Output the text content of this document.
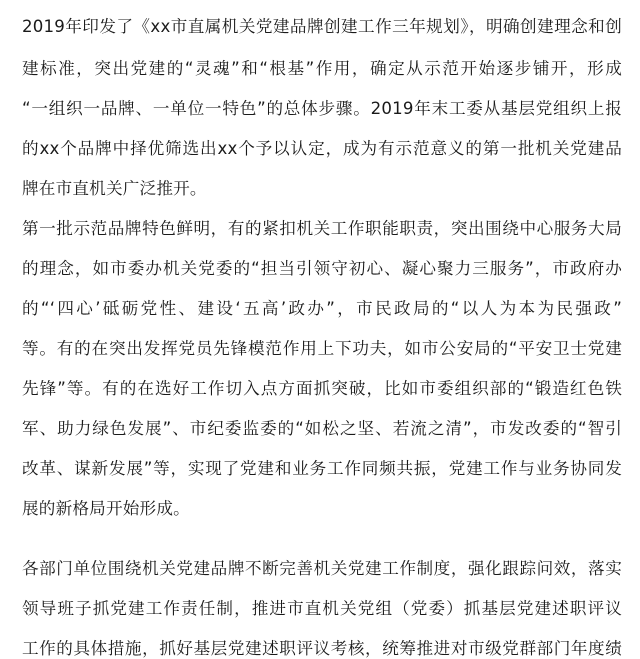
2019年印发了《xx市直属机关党建品牌创建工作三年规划》，明确创建理念和创
建标准，突出党建的“灵魂”和“根基”作用，确定从示范开始逐步铺开，形成
“一组织一品牌、一单位一特色”的总体步骤。2019年末工委从基层党组织上报
的xx个品牌中择优筛选出xx个予以认定，成为有示范意义的第一批机关党建品
牌在市直机关广泛推开。
第一批示范品牌特色鲜明，有的紧扣机关工作职能职责，突出围绕中心服务大局
的理念，如市委办机关党委的“担当引领守初心、凝心聚力三服务”，市政府办
的“‘四心’砥砺党性、建设‘五高’政办”，市民政局的“以人为本为民强政”
等。有的在突出发挥党员先锋模范作用上下功夫，如市公安局的“平安卫士党建
先锋”等。有的在选好工作切入点方面抓突破，比如市委组织部的“锻造红色铁
军、助力绿色发展”、市纪委监委的“如松之坚、若流之清”，市发改委的“智引
改革、谋新发展”等，实现了党建和业务工作同频共振，党建工作与业务协同发
展的新格局开始形成。
各部门单位围绕机关党建品牌不断完善机关党建工作制度，强化跟踪问效，落实
领导班子抓党建工作责任制，推进市直机关党组（党委）抓基层党建述职评议
工作的具体措施，抓好基层党建述职评议考核，统筹推进对市级党群部门年度绩
